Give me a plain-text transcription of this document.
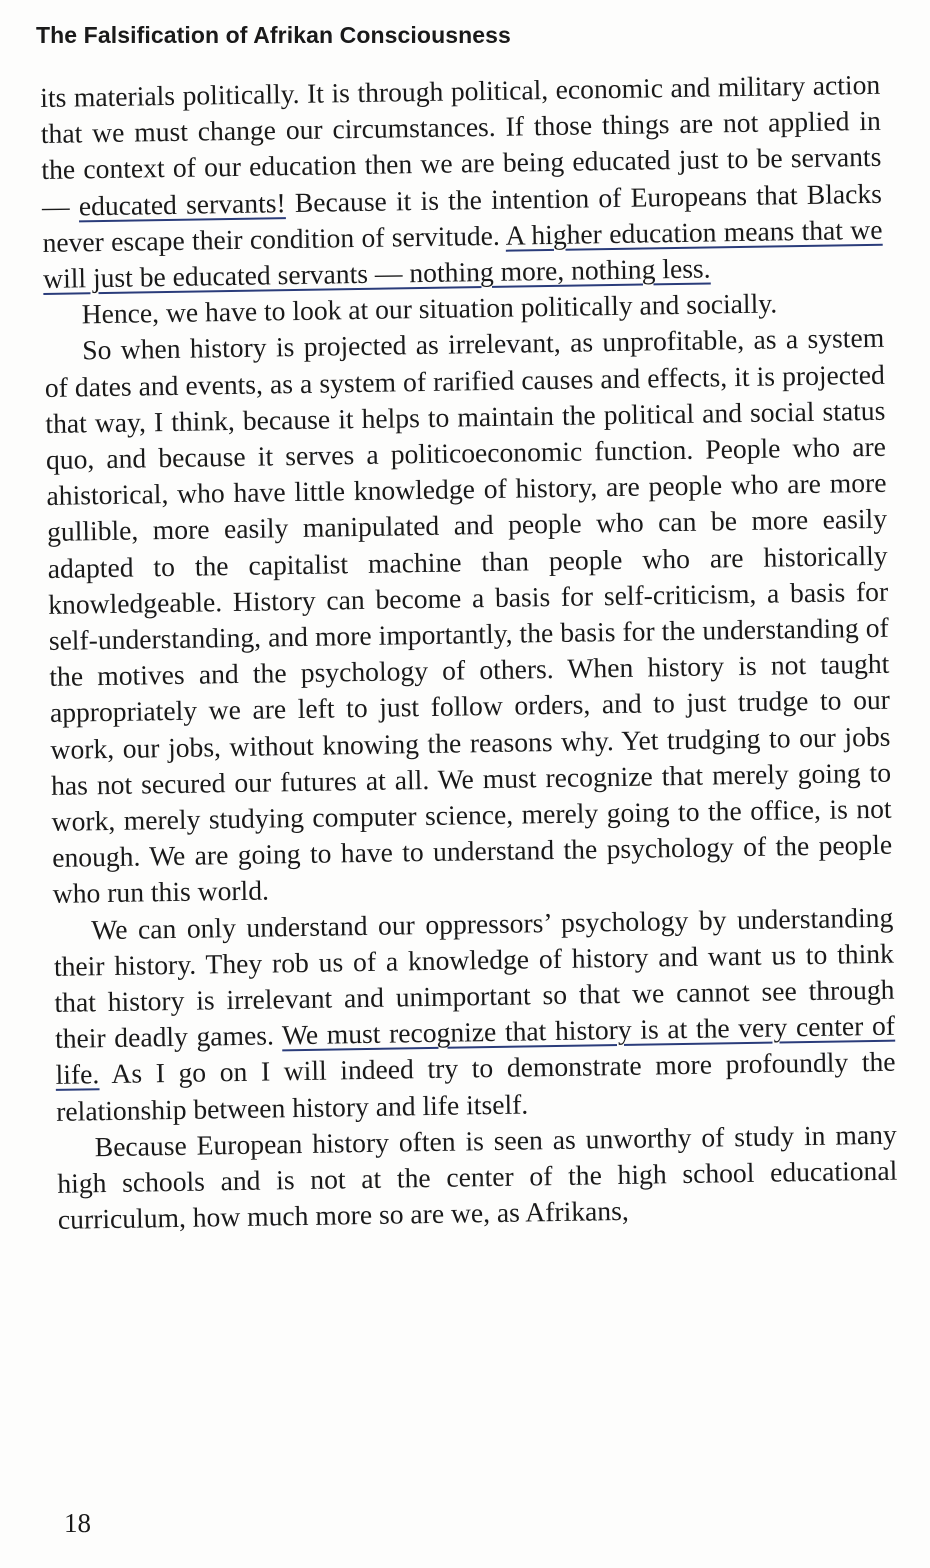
The Falsification of Afrikan Consciousness

its materials politically. It is through political, economic and military action that we must change our circumstances. If those things are not applied in the context of our education then we are being educated just to be servants — educated servants! Because it is the intention of Europeans that Blacks never escape their condition of servitude. A higher education means that we will just be educated servants — nothing more, nothing less.

Hence, we have to look at our situation politically and socially.

So when history is projected as irrelevant, as unprofitable, as a system of dates and events, as a system of rarified causes and effects, it is projected that way, I think, because it helps to maintain the political and social status quo, and because it serves a politicoeconomic function. People who are ahistorical, who have little knowledge of history, are people who are more gullible, more easily manipulated and people who can be more easily adapted to the capitalist machine than people who are historically knowledgeable. History can become a basis for self-criticism, a basis for self-understanding, and more importantly, the basis for the understanding of the motives and the psychology of others. When history is not taught appropriately we are left to just follow orders, and to just trudge to our work, our jobs, without knowing the reasons why. Yet trudging to our jobs has not secured our futures at all. We must recognize that merely going to work, merely studying computer science, merely going to the office, is not enough. We are going to have to understand the psychology of the people who run this world.

We can only understand our oppressors’ psychology by understanding their history. They rob us of a knowledge of history and want us to think that history is irrelevant and unimportant so that we cannot see through their deadly games. We must recognize that history is at the very center of life. As I go on I will indeed try to demonstrate more profoundly the relationship between history and life itself.

Because European history often is seen as unworthy of study in many high schools and is not at the center of the high school educational curriculum, how much more so are we, as Afrikans,

18
